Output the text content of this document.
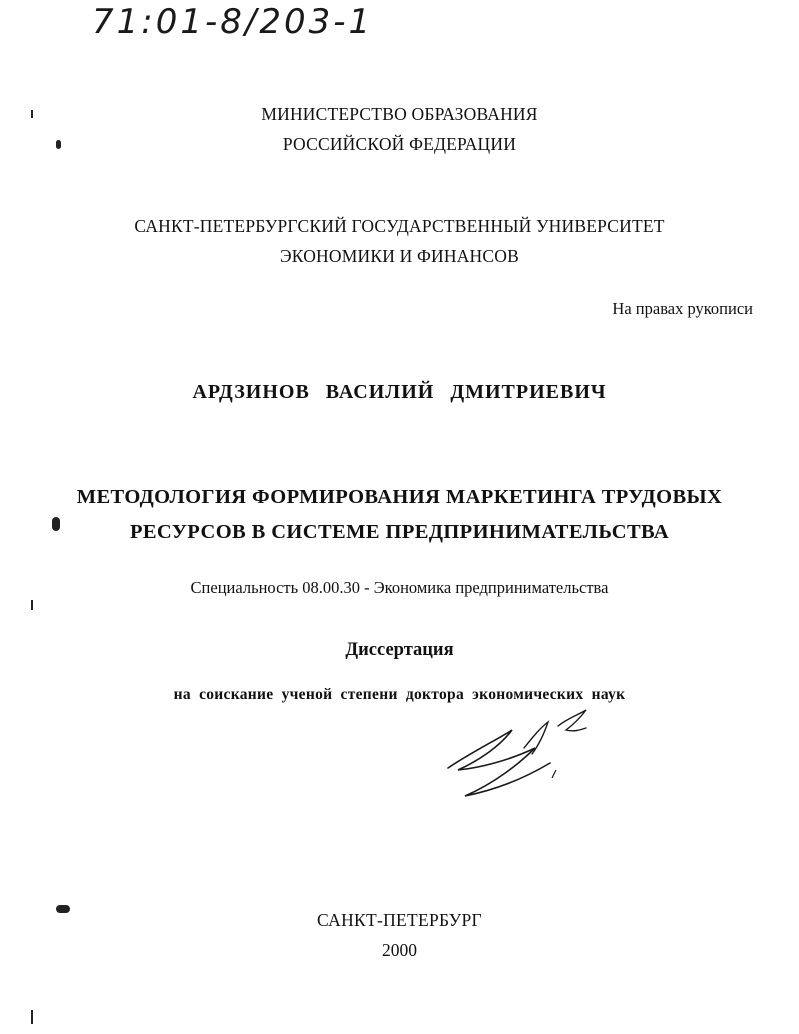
71:01-8/203-1
МИНИСТЕРСТВО ОБРАЗОВАНИЯ
РОССИЙСКОЙ ФЕДЕРАЦИИ
САНКТ-ПЕТЕРБУРГСКИЙ ГОСУДАРСТВЕННЫЙ УНИВЕРСИТЕТ
ЭКОНОМИКИ И ФИНАНСОВ
На правах рукописи
АРДЗИНОВ ВАСИЛИЙ ДМИТРИЕВИЧ
МЕТОДОЛОГИЯ ФОРМИРОВАНИЯ МАРКЕТИНГА ТРУДОВЫХ
РЕСУРСОВ В СИСТЕМЕ ПРЕДПРИНИМАТЕЛЬСТВА
Специальность 08.00.30 - Экономика предпринимательства
Диссертация
на соискание ученой степени доктора экономических наук
САНКТ-ПЕТЕРБУРГ
2000
